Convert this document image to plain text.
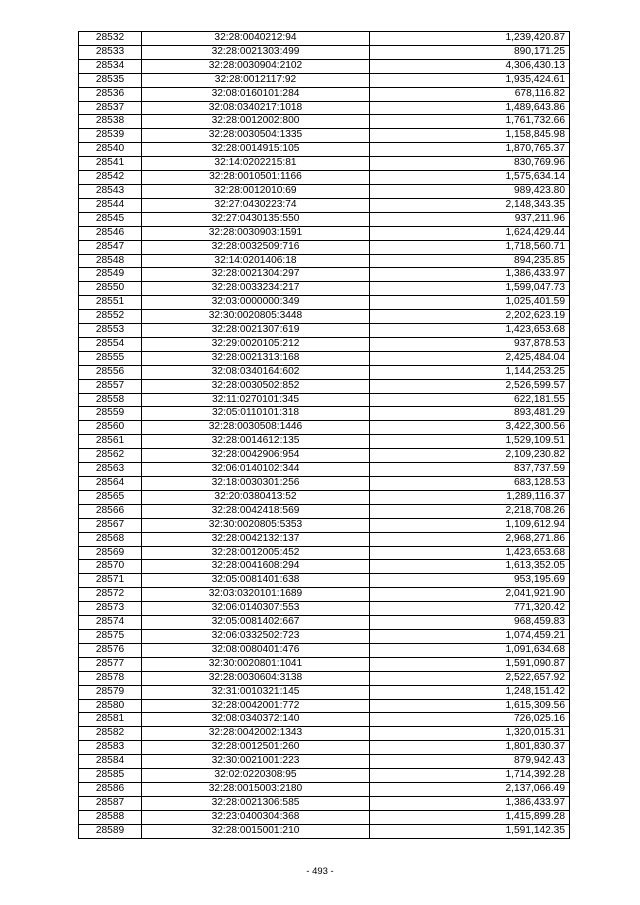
28532	32:28:0040212:94	1,239,420.87
28533	32:28:0021303:499	890,171.25
28534	32:28:0030904:2102	4,306,430.13
28535	32:28:0012117:92	1,935,424.61
28536	32:08:0160101:284	678,116.82
28537	32:08:0340217:1018	1,489,643.86
28538	32:28:0012002:800	1,761,732.66
28539	32:28:0030504:1335	1,158,845.98
28540	32:28:0014915:105	1,870,765.37
28541	32:14:0202215:81	830,769.96
28542	32:28:0010501:1166	1,575,634.14
28543	32:28:0012010:69	989,423.80
28544	32:27:0430223:74	2,148,343.35
28545	32:27:0430135:550	937,211.96
28546	32:28:0030903:1591	1,624,429.44
28547	32:28:0032509:716	1,718,560.71
28548	32:14:0201406:18	894,235.85
28549	32:28:0021304:297	1,386,433.97
28550	32:28:0033234:217	1,599,047.73
28551	32:03:0000000:349	1,025,401.59
28552	32:30:0020805:3448	2,202,623.19
28553	32:28:0021307:619	1,423,653.68
28554	32:29:0020105:212	937,878.53
28555	32:28:0021313:168	2,425,484.04
28556	32:08:0340164:602	1,144,253.25
28557	32:28:0030502:852	2,526,599.57
28558	32:11:0270101:345	622,181.55
28559	32:05:0110101:318	893,481.29
28560	32:28:0030508:1446	3,422,300.56
28561	32:28:0014612:135	1,529,109.51
28562	32:28:0042906:954	2,109,230.82
28563	32:06:0140102:344	837,737.59
28564	32:18:0030301:256	683,128.53
28565	32:20:0380413:52	1,289,116.37
28566	32:28:0042418:569	2,218,708.26
28567	32:30:0020805:5353	1,109,612.94
28568	32:28:0042132:137	2,968,271.86
28569	32:28:0012005:452	1,423,653.68
28570	32:28:0041608:294	1,613,352.05
28571	32:05:0081401:638	953,195.69
28572	32:03:0320101:1689	2,041,921.90
28573	32:06:0140307:553	771,320.42
28574	32:05:0081402:667	968,459.83
28575	32:06:0332502:723	1,074,459.21
28576	32:08:0080401:476	1,091,634.68
28577	32:30:0020801:1041	1,591,090.87
28578	32:28:0030604:3138	2,522,657.92
28579	32:31:0010321:145	1,248,151.42
28580	32:28:0042001:772	1,615,309.56
28581	32:08:0340372:140	726,025.16
28582	32:28:0042002:1343	1,320,015.31
28583	32:28:0012501:260	1,801,830.37
28584	32:30:0021001:223	879,942.43
28585	32:02:0220308:95	1,714,392.28
28586	32:28:0015003:2180	2,137,066.49
28587	32:28:0021306:585	1,386,433.97
28588	32:23:0400304:368	1,415,899.28
28589	32:28:0015001:210	1,591,142.35
- 493 -
